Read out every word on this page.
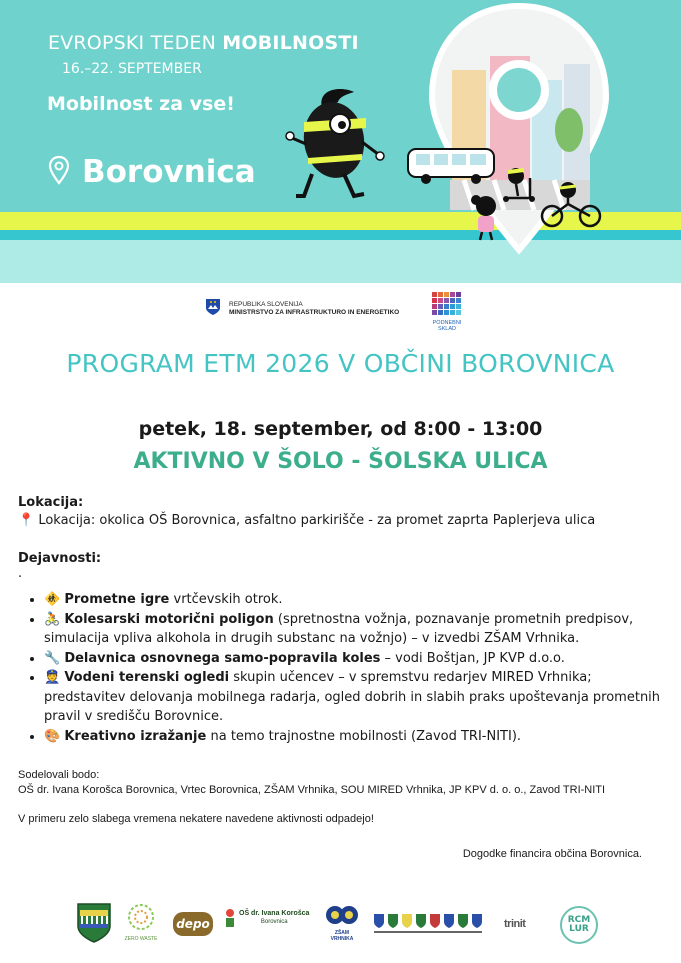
EVROPSKI TEDEN MOBILNOSTI
16.–22. SEPTEMBER
Mobilnost za vse!
Borovnica
REPUBLIKA SLOVENIJA
MINISTRSTVO ZA INFRASTRUKTURO IN ENERGETIKO
PODNEBNI
SKLAD
PROGRAM ETM 2026 V OBČINI BOROVNICA
petek, 18. september, od 8:00 - 13:00
AKTIVNO V ŠOLO - ŠOLSKA ULICA
Lokacija:
📍 Lokacija: okolica OŠ Borovnica, asfaltno parkirišče - za promet zaprta Paplerjeva ulica
Dejavnosti:
.
• 🚸 Prometne igre vrtčevskih otrok.
• 🚴 Kolesarski motorični poligon (spretnostna vožnja, poznavanje prometnih predpisov, simulacija vpliva alkohola in drugih substanc na vožnjo) – v izvedbi ZŠAM Vrhnika.
• 🔧 Delavnica osnovnega samo-popravila koles – vodi Boštjan, JP KVP d.o.o.
• 👮 Vodeni terenski ogledi skupin učencev – v spremstvu redarjev MIRED Vrhnika; predstavitev delovanja mobilnega radarja, ogled dobrih in slabih praks upoštevanja prometnih pravil v središču Borovnice.
• 🎨 Kreativno izražanje na temo trajnostne mobilnosti (Zavod TRI-NITI).
Sodelovali bodo:
OŠ dr. Ivana Korošca Borovnica, Vrtec Borovnica, ZŠAM Vrhnika, SOU MIRED Vrhnika, JP KPV d. o. o., Zavod TRI-NITI
V primeru zelo slabega vremena nekatere navedene aktivnosti odpadejo!
Dogodke financira občina Borovnica.
ZERO WASTE
depo
OŠ dr. Ivana Korošca
Borovnica
ZŠAM VRHNIKA
trinit	RCM
LUR
